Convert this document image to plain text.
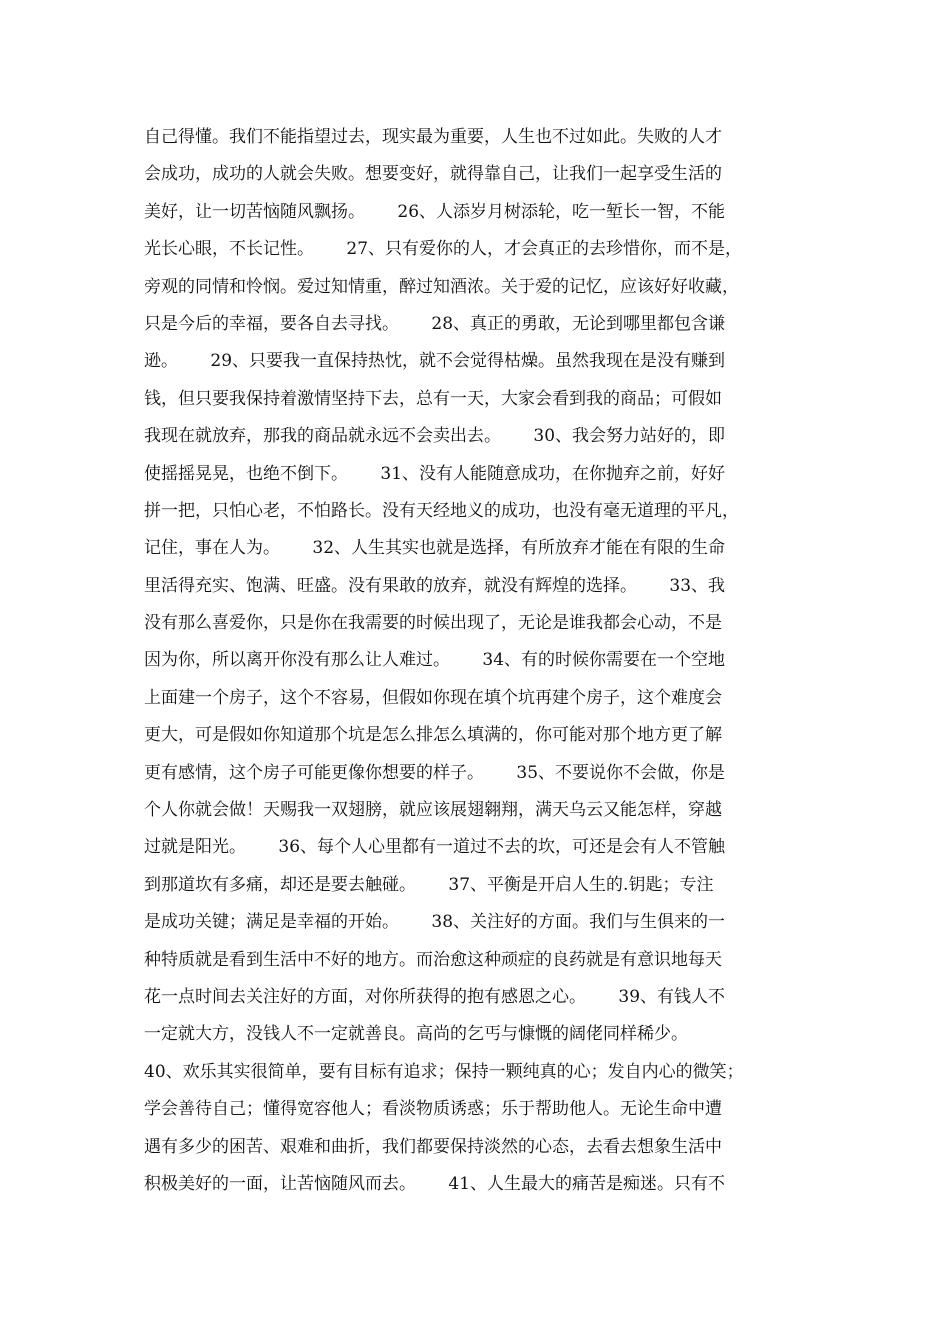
自己得懂。我们不能指望过去，现实最为重要，人生也不过如此。失败的人才
会成功，成功的人就会失败。想要变好，就得靠自己，让我们一起享受生活的
美好，让一切苦恼随风飘扬。      26、人添岁月树添轮，吃一堑长一智，不能
光长心眼，不长记性。      27、只有爱你的人，才会真正的去珍惜你，而不是，
旁观的同情和怜悯。爱过知情重，醉过知酒浓。关于爱的记忆，应该好好收藏，
只是今后的幸福，要各自去寻找。      28、真正的勇敢，无论到哪里都包含谦
逊。      29、只要我一直保持热忱，就不会觉得枯燥。虽然我现在是没有赚到
钱，但只要我保持着激情坚持下去，总有一天，大家会看到我的商品；可假如
我现在就放弃，那我的商品就永远不会卖出去。      30、我会努力站好的，即
使摇摇晃晃，也绝不倒下。      31、没有人能随意成功，在你抛弃之前，好好
拼一把，只怕心老，不怕路长。没有天经地义的成功，也没有毫无道理的平凡，
记住，事在人为。      32、人生其实也就是选择，有所放弃才能在有限的生命
里活得充实、饱满、旺盛。没有果敢的放弃，就没有辉煌的选择。      33、我
没有那么喜爱你，只是你在我需要的时候出现了，无论是谁我都会心动，不是
因为你，所以离开你没有那么让人难过。      34、有的时候你需要在一个空地
上面建一个房子，这个不容易，但假如你现在填个坑再建个房子，这个难度会
更大，可是假如你知道那个坑是怎么排怎么填满的，你可能对那个地方更了解
更有感情，这个房子可能更像你想要的样子。      35、不要说你不会做，你是
个人你就会做！天赐我一双翅膀，就应该展翅翱翔，满天乌云又能怎样，穿越
过就是阳光。      36、每个人心里都有一道过不去的坎，可还是会有人不管触
到那道坎有多痛，却还是要去触碰。      37、平衡是开启人生的.钥匙；专注
是成功关键；满足是幸福的开始。      38、关注好的方面。我们与生俱来的一
种特质就是看到生活中不好的地方。而治愈这种顽症的良药就是有意识地每天
花一点时间去关注好的方面，对你所获得的抱有感恩之心。      39、有钱人不
一定就大方，没钱人不一定就善良。高尚的乞丐与慷慨的阔佬同样稀少。
40、欢乐其实很简单，要有目标有追求；保持一颗纯真的心；发自内心的微笑；
学会善待自己；懂得宽容他人；看淡物质诱惑；乐于帮助他人。无论生命中遭
遇有多少的困苦、艰难和曲折，我们都要保持淡然的心态，去看去想象生活中
积极美好的一面，让苦恼随风而去。      41、人生最大的痛苦是痴迷。只有不
